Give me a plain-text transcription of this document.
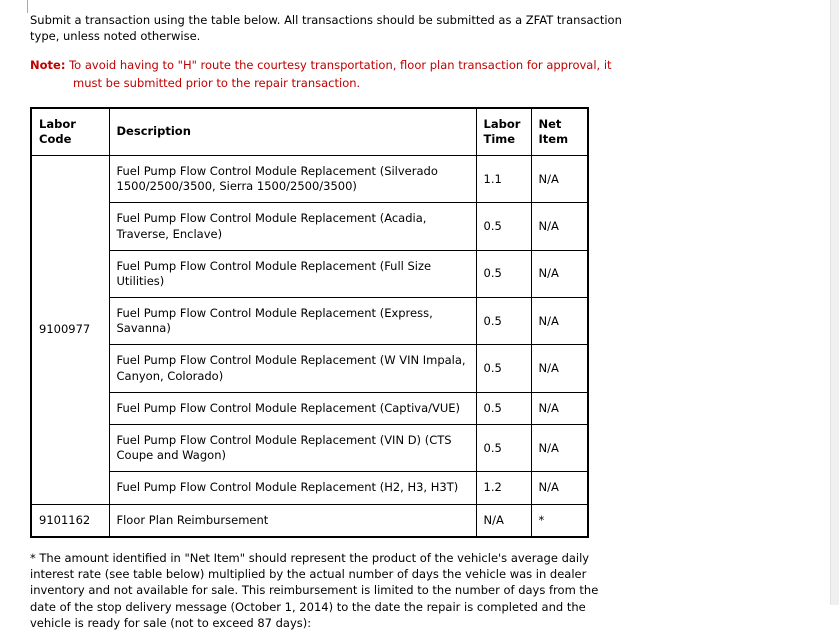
Submit a transaction using the table below. All transactions should be submitted as a ZFAT transaction type, unless noted otherwise.

Note: To avoid having to "H" route the courtesy transportation, floor plan transaction for approval, it must be submitted prior to the repair transaction.

Labor Code	Description	Labor Time	Net Item
9100977	Fuel Pump Flow Control Module Replacement (Silverado 1500/2500/3500, Sierra 1500/2500/3500)	1.1	N/A
	Fuel Pump Flow Control Module Replacement (Acadia, Traverse, Enclave)	0.5	N/A
	Fuel Pump Flow Control Module Replacement (Full Size Utilities)	0.5	N/A
	Fuel Pump Flow Control Module Replacement (Express, Savanna)	0.5	N/A
	Fuel Pump Flow Control Module Replacement (W VIN Impala, Canyon, Colorado)	0.5	N/A
	Fuel Pump Flow Control Module Replacement (Captiva/VUE)	0.5	N/A
	Fuel Pump Flow Control Module Replacement (VIN D) (CTS Coupe and Wagon)	0.5	N/A
	Fuel Pump Flow Control Module Replacement (H2, H3, H3T)	1.2	N/A
9101162	Floor Plan Reimbursement	N/A	*

* The amount identified in "Net Item" should represent the product of the vehicle's average daily interest rate (see table below) multiplied by the actual number of days the vehicle was in dealer inventory and not available for sale. This reimbursement is limited to the number of days from the date of the stop delivery message (October 1, 2014) to the date the repair is completed and the vehicle is ready for sale (not to exceed 87 days):
